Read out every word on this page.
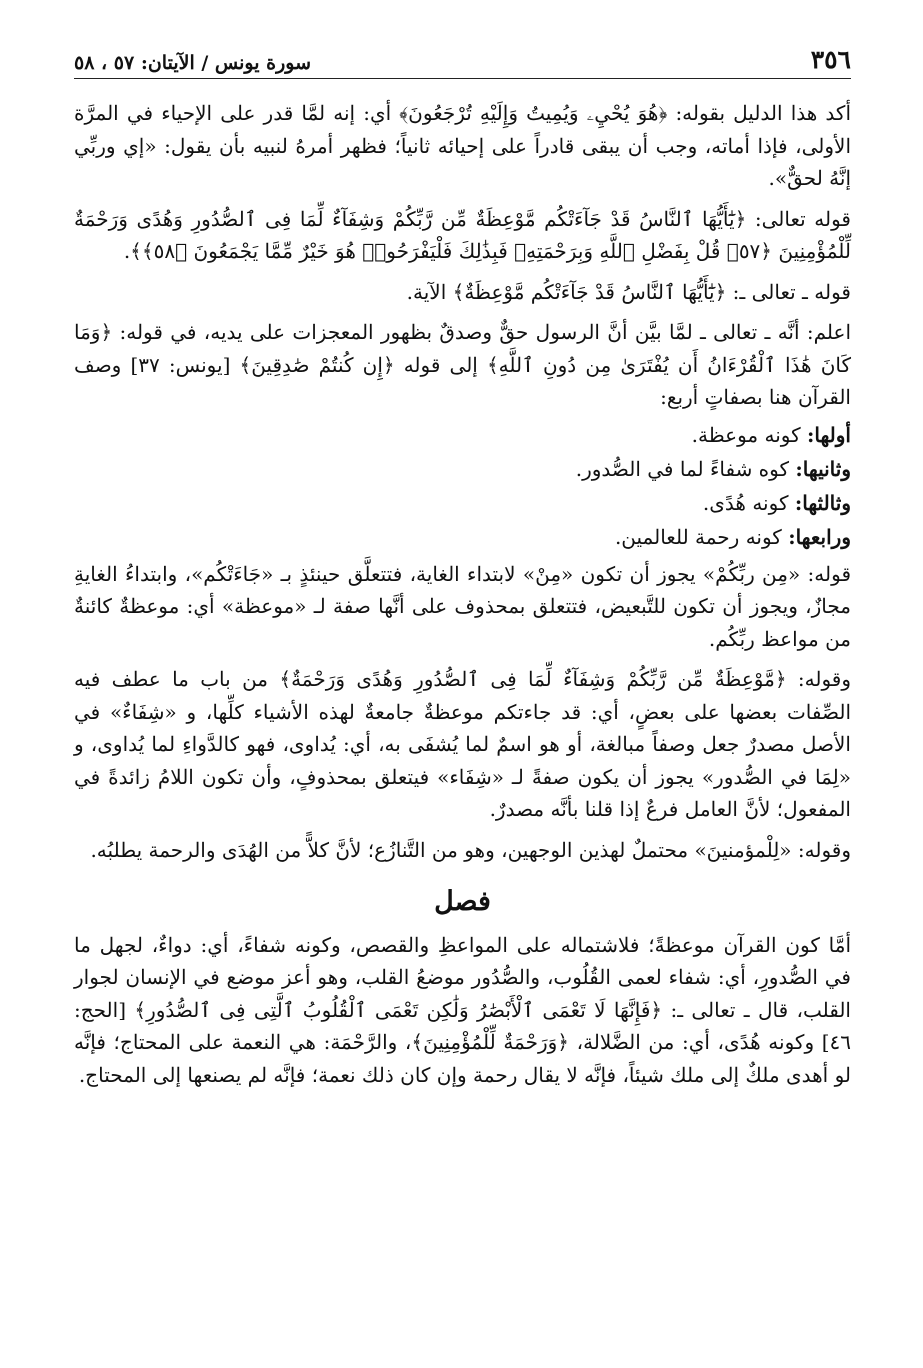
٣٥٦
سورة يونس / الآيتان: ٥٧ ، ٥٨

أكد هذا الدليل بقوله: ﴿هُوَ يُحْيِۦ وَيُمِيتُ وَإِلَيْهِ تُرْجَعُونَ﴾ أي: إنه لمَّا قدر على الإحياء في المرَّة الأولى، فإذا أماته، وجب أن يبقى قادراً على إحيائه ثانياً؛ فظهر أمرهُ لنبيه بأن يقول: «إي وربِّي إنَّهُ لحقٌّ».

قوله تعالى: ﴿يَٰٓأَيُّهَا ٱلنَّاسُ قَدْ جَآءَتْكُم مَّوْعِظَةٌ مِّن رَّبِّكُمْ وَشِفَآءٌ لِّمَا فِى ٱلصُّدُورِ وَهُدًى وَرَحْمَةٌ لِّلْمُؤْمِنِينَ ﴿٥٧﴾ قُلْ بِفَضْلِ ٱللَّهِ وَبِرَحْمَتِهِۦ فَبِذَٰلِكَ فَلْيَفْرَحُوا۟ هُوَ خَيْرٌ مِّمَّا يَجْمَعُونَ ﴿٥٨﴾﴾.

قوله ـ تعالى ـ: ﴿يَٰٓأَيُّهَا ٱلنَّاسُ قَدْ جَآءَتْكُم مَّوْعِظَةٌ﴾ الآية.

اعلم: أنَّه ـ تعالى ـ لمَّا بيَّن أنَّ الرسول حقٌّ وصدقٌ بظهور المعجزات على يديه، في قوله: ﴿وَمَا كَانَ هَٰذَا ٱلْقُرْءَانُ أَن يُفْتَرَىٰ مِن دُونِ ٱللَّهِ﴾ إلى قوله ﴿إِن كُنتُمْ صَٰدِقِينَ﴾ [يونس: ٣٧] وصف القرآن هنا بصفاتٍ أربع:

أولها: كونه موعظة.
وثانيها: كوه شفاءً لما في الصُّدور.
وثالثها: كونه هُدًى.
ورابعها: كونه رحمة للعالمين.

قوله: «مِن ربِّكُمْ» يجوز أن تكون «مِنْ» لابتداء الغاية، فتتعلَّق حينئذٍ بـ «جَاءَتْكُم»، وابتداءُ الغايةِ مجازٌ، ويجوز أن تكون للتَّبعيض، فتتعلق بمحذوف على أنَّها صفة لـ «موعظة» أي: موعظةٌ كائنةٌ من مواعظ ربِّكُم.

وقوله: ﴿مَّوْعِظَةٌ مِّن رَّبِّكُمْ وَشِفَآءٌ لِّمَا فِى ٱلصُّدُورِ وَهُدًى وَرَحْمَةٌ﴾ من باب ما عطف فيه الصِّفات بعضها على بعضٍ، أي: قد جاءتكم موعظةٌ جامعةٌ لهذه الأشياء كلِّها، و «شِفَاءٌ» في الأصل مصدرٌ جعل وصفاً مبالغة، أو هو اسمٌ لما يُشفَى به، أي: يُداوى، فهو كالدَّواءِ لما يُداوى، و «لِمَا في الصُّدور» يجوز أن يكون صفةً لـ «شِفَاء» فيتعلق بمحذوفٍ، وأن تكون اللامُ زائدةً في المفعول؛ لأنَّ العامل فرعٌ إذا قلنا بأنَّه مصدرٌ.

وقوله: «لِلْمؤمنينَ» محتملٌ لهذين الوجهين، وهو من التَّنازُع؛ لأنَّ كلاًّ من الهُدَى والرحمة يطلبُه.

فصل

أمَّا كون القرآن موعظةً؛ فلاشتماله على المواعظِ والقصص، وكونه شفاءً، أي: دواءٌ، لجهل ما في الصُّدورِ، أي: شفاء لعمى القُلُوب، والصُّدُور موضعُ القلب، وهو أعز موضع في الإنسان لجوار القلب، قال ـ تعالى ـ: ﴿فَإِنَّهَا لَا تَعْمَى ٱلْأَبْصَٰرُ وَلَٰكِن تَعْمَى ٱلْقُلُوبُ ٱلَّتِى فِى ٱلصُّدُورِ﴾ [الحج: ٤٦] وكونه هُدًى، أي: من الضَّلالة، ﴿وَرَحْمَةٌ لِّلْمُؤْمِنِينَ﴾، والرَّحْمَة: هي النعمة على المحتاج؛ فإنَّه لو أهدى ملكٌ إلى ملك شيئاً، فإنَّه لا يقال رحمة وإن كان ذلك نعمة؛ فإنَّه لم يصنعها إلى المحتاج.
